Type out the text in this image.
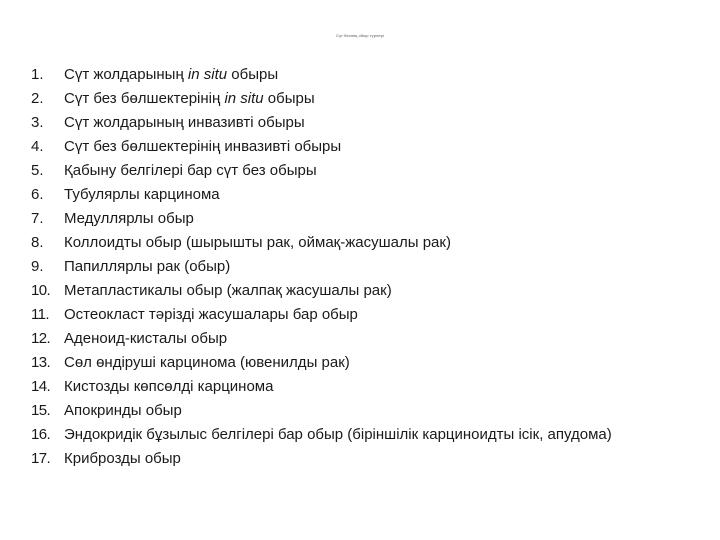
Сүт безінің обыр түрлері
1.	Сүт жолдарының in situ обыры
2.	Сүт без бөлшектерінің in situ обыры
3.	Сүт жолдарының инвазивті обыры
4.	Сүт без бөлшектерінің инвазивті обыры
5.	Қабыну белгілері бар сүт без обыры
6.	Тубулярлы карцинома
7.	Медуллярлы обыр
8.	Коллоидты обыр (шырышты рак, оймақ-жасушалы рак)
9.	Папиллярлы рак (обыр)
10. Метапластикалы обыр (жалпақ жасушалы рак)
11.	Остеокласт тәрізді жасушалары бар обыр
12. Аденоид-кисталы обыр
13. Сөл өндіруші карцинома (ювенилды рак)
14. Кистозды көпсөлді карцинома
15. Апокринды обыр
16. Эндокридік бұзылыс белгілері бар обыр (біріншілік карциноидты ісік, апудома)
17. Криброзды обыр
